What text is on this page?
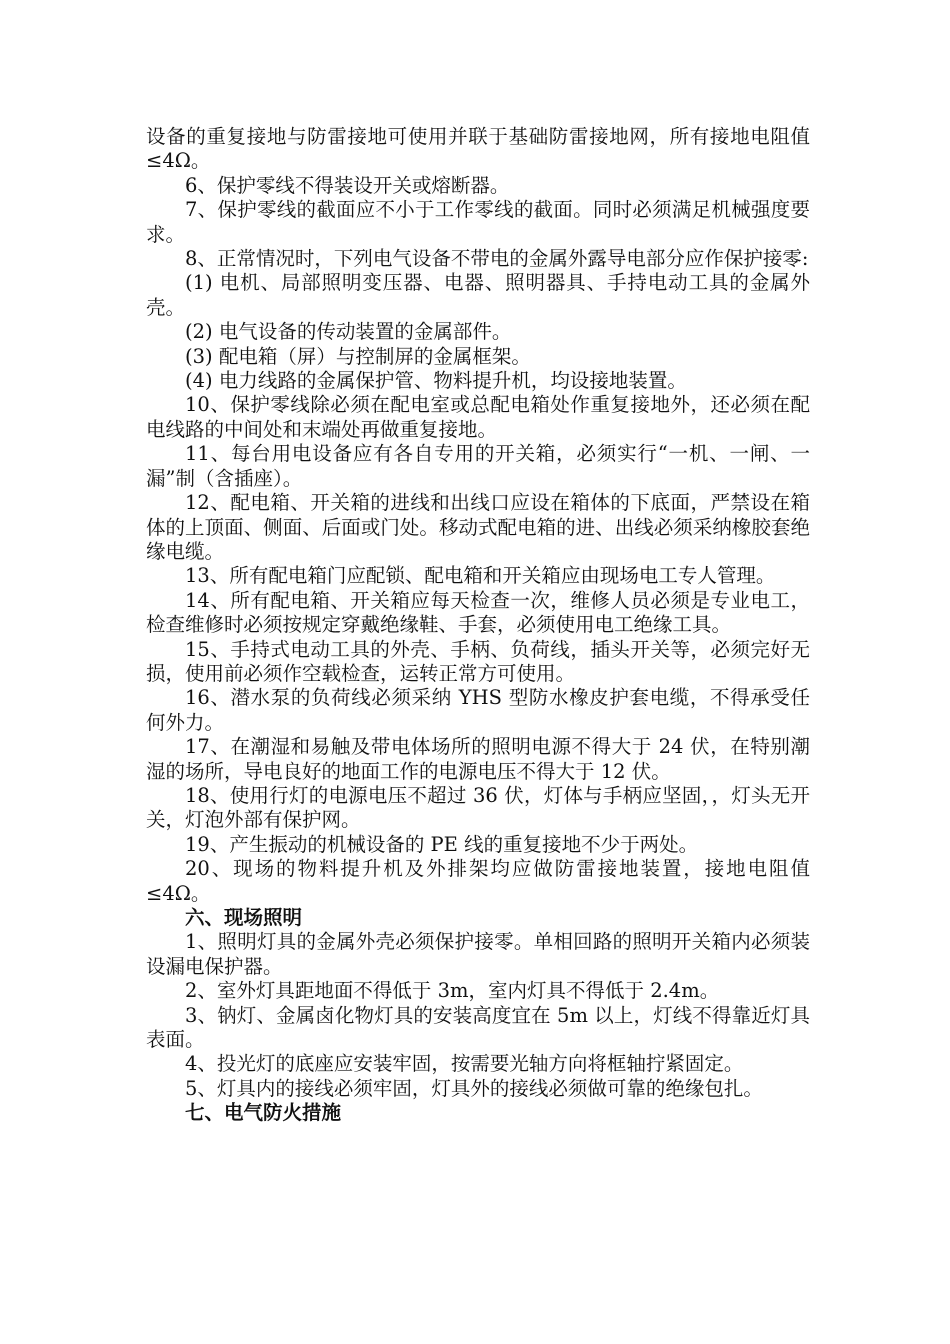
设备的重复接地与防雷接地可使用并联于基础防雷接地网，所有接地电阻值≤4Ω。

6、保护零线不得装设开关或熔断器。

7、保护零线的截面应不小于工作零线的截面。同时必须满足机械强度要求。

8、正常情况时，下列电气设备不带电的金属外露导电部分应作保护接零:

(1) 电机、局部照明变压器、电器、照明器具、手持电动工具的金属外壳。

(2) 电气设备的传动装置的金属部件。

(3) 配电箱（屏）与控制屏的金属框架。

(4) 电力线路的金属保护管、物料提升机，均设接地装置。

10、保护零线除必须在配电室或总配电箱处作重复接地外，还必须在配电线路的中间处和末端处再做重复接地。

11、每台用电设备应有各自专用的开关箱，必须实行“一机、一闸、一漏”制（含插座）。

12、配电箱、开关箱的进线和出线口应设在箱体的下底面，严禁设在箱体的上顶面、侧面、后面或门处。移动式配电箱的进、出线必须采纳橡胶套绝缘电缆。

13、所有配电箱门应配锁、配电箱和开关箱应由现场电工专人管理。

14、所有配电箱、开关箱应每天检查一次，维修人员必须是专业电工，检查维修时必须按规定穿戴绝缘鞋、手套，必须使用电工绝缘工具。

15、手持式电动工具的外壳、手柄、负荷线，插头开关等，必须完好无损，使用前必须作空载检查，运转正常方可使用。

16、潜水泵的负荷线必须采纳 YHS 型防水橡皮护套电缆，不得承受任何外力。

17、在潮湿和易触及带电体场所的照明电源不得大于 24 伏，在特别潮湿的场所，导电良好的地面工作的电源电压不得大于 12 伏。

18、使用行灯的电源电压不超过 36 伏，灯体与手柄应坚固，，灯头无开关，灯泡外部有保护网。

19、产生振动的机械设备的 PE 线的重复接地不少于两处。

20、现场的物料提升机及外排架均应做防雷接地装置，接地电阻值≤4Ω。

六、现场照明

1、照明灯具的金属外壳必须保护接零。单相回路的照明开关箱内必须装设漏电保护器。

2、室外灯具距地面不得低于 3m，室内灯具不得低于 2.4m。

3、钠灯、金属卤化物灯具的安装高度宜在 5m 以上，灯线不得靠近灯具表面。

4、投光灯的底座应安装牢固，按需要光轴方向将框轴拧紧固定。

5、灯具内的接线必须牢固，灯具外的接线必须做可靠的绝缘包扎。

七、电气防火措施
